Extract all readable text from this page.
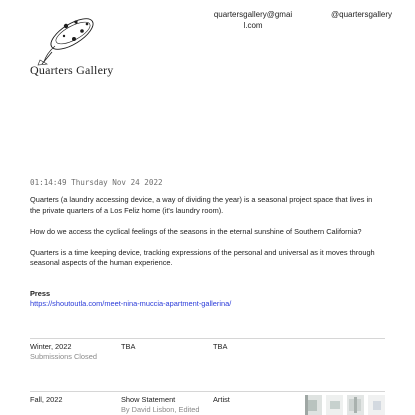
Quarters Gallery
quartersgallery@gmail.com
@quartersgallery
01:14:49 Thursday Nov 24 2022

Quarters (a laundry accessing device, a way of dividing the year) is a seasonal project space that lives in the private quarters of a Los Feliz home (it's laundry room).

How do we access the cyclical feelings of the seasons in the eternal sunshine of Southern California?

Quarters is a time keeping device, tracking expressions of the personal and universal as it moves through seasonal aspects of the human experience.

Press
https://shoutoutla.com/meet-nina-muccia-apartment-gallerina/
Winter, 2022
Submissions Closed
TBA	TBA
Fall, 2022	Show Statement
By David Lisbon, Edited
Artist
